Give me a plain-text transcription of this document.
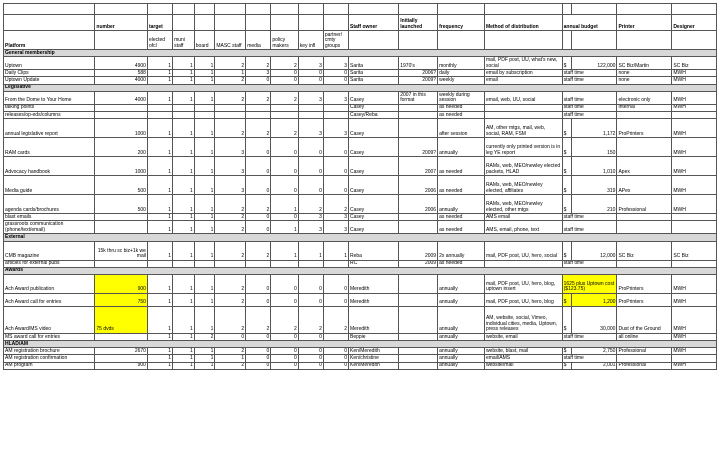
	number	target								Staff owner	Initially launched	frequency	Method of distribution	annual budget		Printer	Designer
Platform		elected ofcl	muni staff	board	MASC staff	media	policy makers	key infl	partner/ cmty groups								
General membership																	
Uptown	4900	1	1	1	2	2	2	3	3	Sarita	1970's	monthly	mail, PDF post, UU, what's new, social	$	122,000	SC Biz/Martin	SC Biz
Daily Clips	588	1	1	1	1	3	0	0	0	Sarita	2006?	daily	email by subscription	staff time		none	MWH
Uptown Update	4000	1	1	1	2	0	0	0	0	Sarita	2009?	weekly	email	staff time		none	MWH
Legislative																	
From the Dome to Your Home	4000	1	1	1	2	2	2	3	3	Casey	2007 in this format	weekly during session	email, web, UU, social	staff time		electronic only	MWH
talking points										Casey		as needed		staff time		internal	MWH
releases/op-eds/columns										Casey/Reba		as needed		staff time			
annual legislative report	1000	1	1	1	2	2	2	3	3	Casey		after session	AM, other mtgs, mail, web, social, RAM, FSM	$	1,172	ProPrinters	MWH
RAM cards	200	1	1	1	3	0	0	0	0	Casey	2009?	annually	currently only printed version is in leg YE report	$	150		MWH
Advocacy handbook	1000	1	1	1	3	0	0	0	0	Casey	2007	as needed	RAMs, web, MEO/newley elected packets, HLAD	$	1,010	Apex	MWH
Media guide	500	1	1	1	3	0	0	0	0	Casey	2006	as needed	RAMs, web, MEO/newley elected, affiliates	$	319	APex	MWH
agenda cards/brochures	500	1	1	1	2	2	1	2	2	Casey	2006	annually	RAMs, web, MEO/newley elected, other mtgs	$	210	Professional	MWH
blast emails		1	1	1	2	0	0	3	3	Casey		as needed	AMS email	staff time			
grassroots communication (phone/text/email)		1	1	1	2	0	1	3	3	Casey		as needed	AMS, email, phone, text	staff time			
External																	
CMB magazine	15k thru sc biz+1k we mail	1	1	1	2	2	1	1	1	Reba	2009	2x annually	mail, PDF post, UU, hero, social	$	12,000	SC Biz	SC Biz
articles for external pubs										RC	2009	as needed		staff time			
Awards																	
Ach Award publication	900	1	1	1	2	0	0	0	0	Meredith		annually	mail, PDF post, UU, hero, blog, uptown insert	1625 plus Uptown cost ($123.75)		ProPrinters	MWH
Ach Award call for entries	750	1	1	1	2	0	0	0	0	Meredith		annually	mail, PDF post, UU, hero, blog	$	1,200	ProPrinters	MWH
Ach Award/MS video	75 dvds	1	1	1	2	2	2	2	2	Meredith		annually	AM, website, social, Vimeo, individual cities, media, Uptown, press releases	$	30,000	Dust of the Ground	MWH
MS award call for entries		1	1	2	0	0	0	0		Beppie		annually	website, email	staff time		all online	MWH
HLAD/AM																	
AM registration brochure	2670	1	1	1	2	0	0	0	0	Ken/Meredith		annually	website, blast, mail	$	2,750	Professional	MWH
AM registration confirmation		1	1	1	1	0	0	0	0	Ken/christine		annually	email/AMS	staff time			
AM program	900	1	1	1	2	0	0	0	0	Ken/Meredith		annually	website/mail	$	2,001	Professional	MWH
